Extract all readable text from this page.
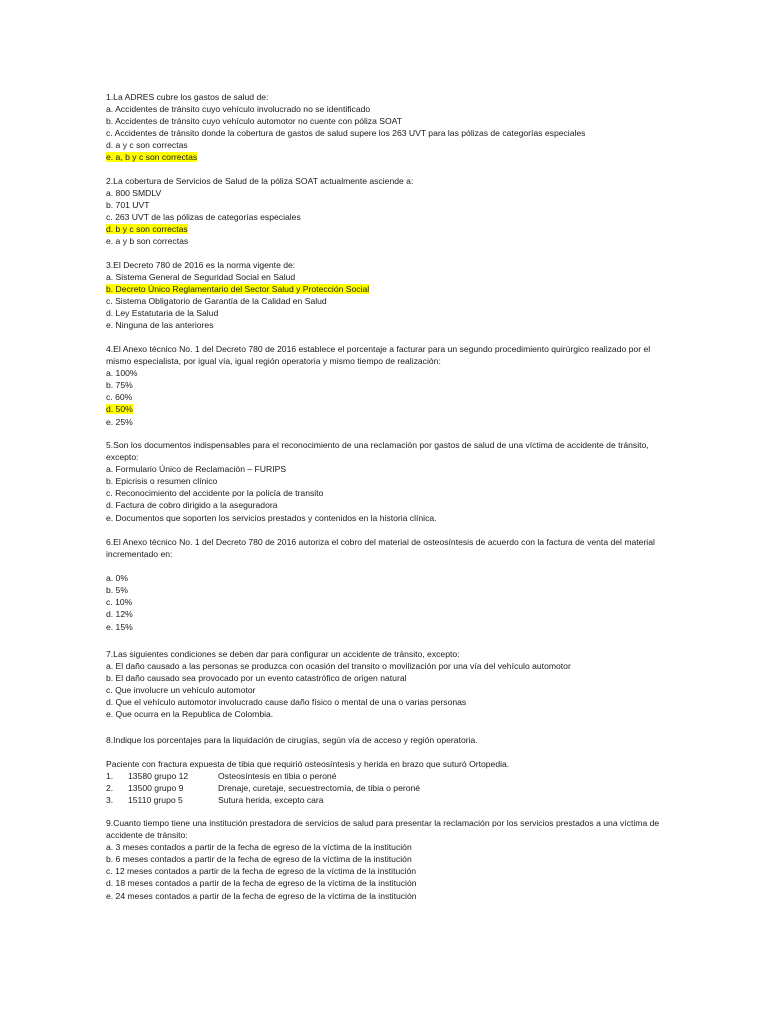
1.La ADRES cubre los gastos de salud de:
a. Accidentes de tránsito cuyo vehículo involucrado no se identificado
b. Accidentes de tránsito cuyo vehículo automotor no cuente con póliza SOAT
c. Accidentes de tránsito donde la cobertura de gastos de salud supere los 263 UVT para las pólizas de categorías especiales
d. a y c son correctas
e. a, b y c son correctas
2.La cobertura de Servicios de Salud de la póliza SOAT actualmente asciende a:
a. 800 SMDLV
b. 701 UVT
c. 263 UVT de las pólizas de categorías especiales
d. b y c son correctas
e. a y b son correctas
3.El Decreto 780 de 2016 es la norma vigente de:
a. Sistema General de Seguridad Social en Salud
b. Decreto Único Reglamentario del Sector Salud y Protección Social
c. Sistema Obligatorio de Garantía de la Calidad en Salud
d. Ley Estatutaria de la Salud
e. Ninguna de las anteriores
4.El Anexo técnico No. 1 del Decreto 780 de 2016 establece el porcentaje a facturar para un segundo procedimiento quirúrgico realizado por el mismo especialista, por igual vía, igual región operatoria y mismo tiempo de realización:
a. 100%
b. 75%
c. 60%
d. 50%
e. 25%
5.Son los documentos indispensables para el reconocimiento de una reclamación por gastos de salud de una víctima de accidente de tránsito, excepto:
a. Formulario Único de Reclamación – FURIPS
b. Epicrisis o resumen clínico
c. Reconocimiento del accidente por la policía de transito
d. Factura de cobro dirigido a la aseguradora
e. Documentos que soporten los servicios prestados y contenidos en la historia clínica.
6.El Anexo técnico No. 1 del Decreto 780 de 2016 autoriza el cobro del material de osteosíntesis de acuerdo con la factura de venta del material incrementado en:
a. 0%
b. 5%
c. 10%
d. 12%
e. 15%
7.Las siguientes condiciones se deben dar para configurar un accidente de tránsito, excepto:
a. El daño causado a las personas se produzca con ocasión del transito o movilización por una vía del vehículo automotor
b. El daño causado sea provocado por un evento catastrófico de origen natural
c. Que involucre un vehículo automotor
d. Que el vehículo automotor involucrado cause daño físico o mental de una o varias personas
e. Que ocurra en la Republica de Colombia.
8.Indique los porcentajes para la liquidación de cirugías, según vía de acceso y región operatoria.
Paciente con fractura expuesta de tibia que requirió osteosíntesis y herida en brazo que suturó Ortopedia.
1.	13580 grupo 12	Osteosíntesis en tibia o peroné
2.	13500 grupo 9	Drenaje, curetaje, secuestrectomía, de tibia o peroné
3.	15110 grupo 5	Sutura herida, excepto cara
9.Cuanto tiempo tiene una institución prestadora de servicios de salud para presentar la reclamación por los servicios prestados a una víctima de accidente de tránsito:
a. 3 meses contados a partir de la fecha de egreso de la víctima de la institución
b. 6 meses contados a partir de la fecha de egreso de la víctima de la institución
c. 12 meses contados a partir de la fecha de egreso de la víctima de la institución
d. 18 meses contados a partir de la fecha de egreso de la víctima de la institución
e. 24 meses contados a partir de la fecha de egreso de la víctima de la institución
